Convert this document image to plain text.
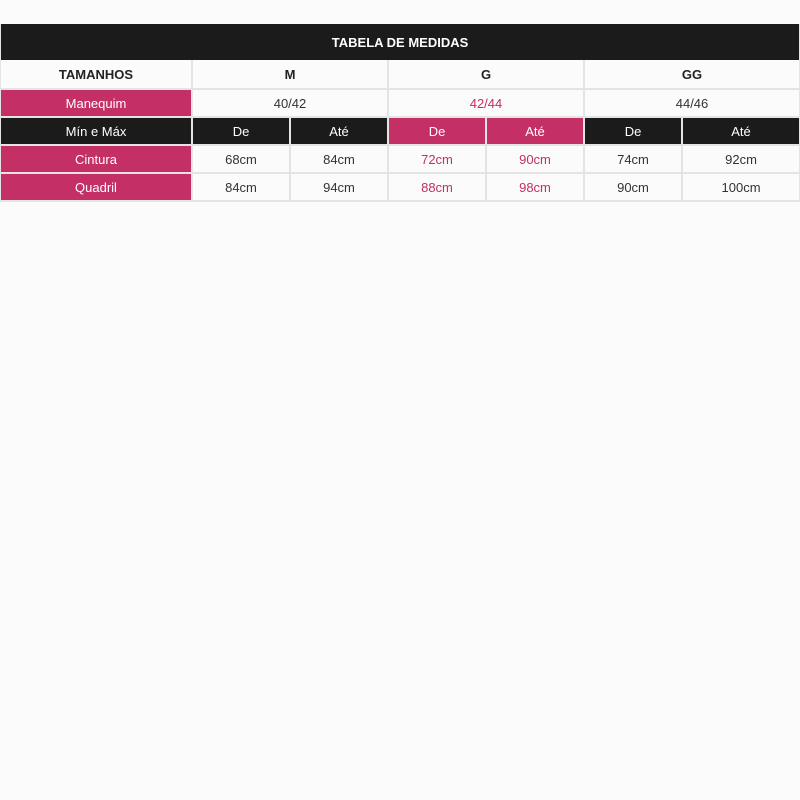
TABELA DE MEDIDAS						
TAMANHOS	M		G		GG	
Manequim	40/42		42/44		44/46	
Mín e Máx	De	Até	De	Até	De	Até
Cintura	68cm	84cm	72cm	90cm	74cm	92cm
Quadril	84cm	94cm	88cm	98cm	90cm	100cm
